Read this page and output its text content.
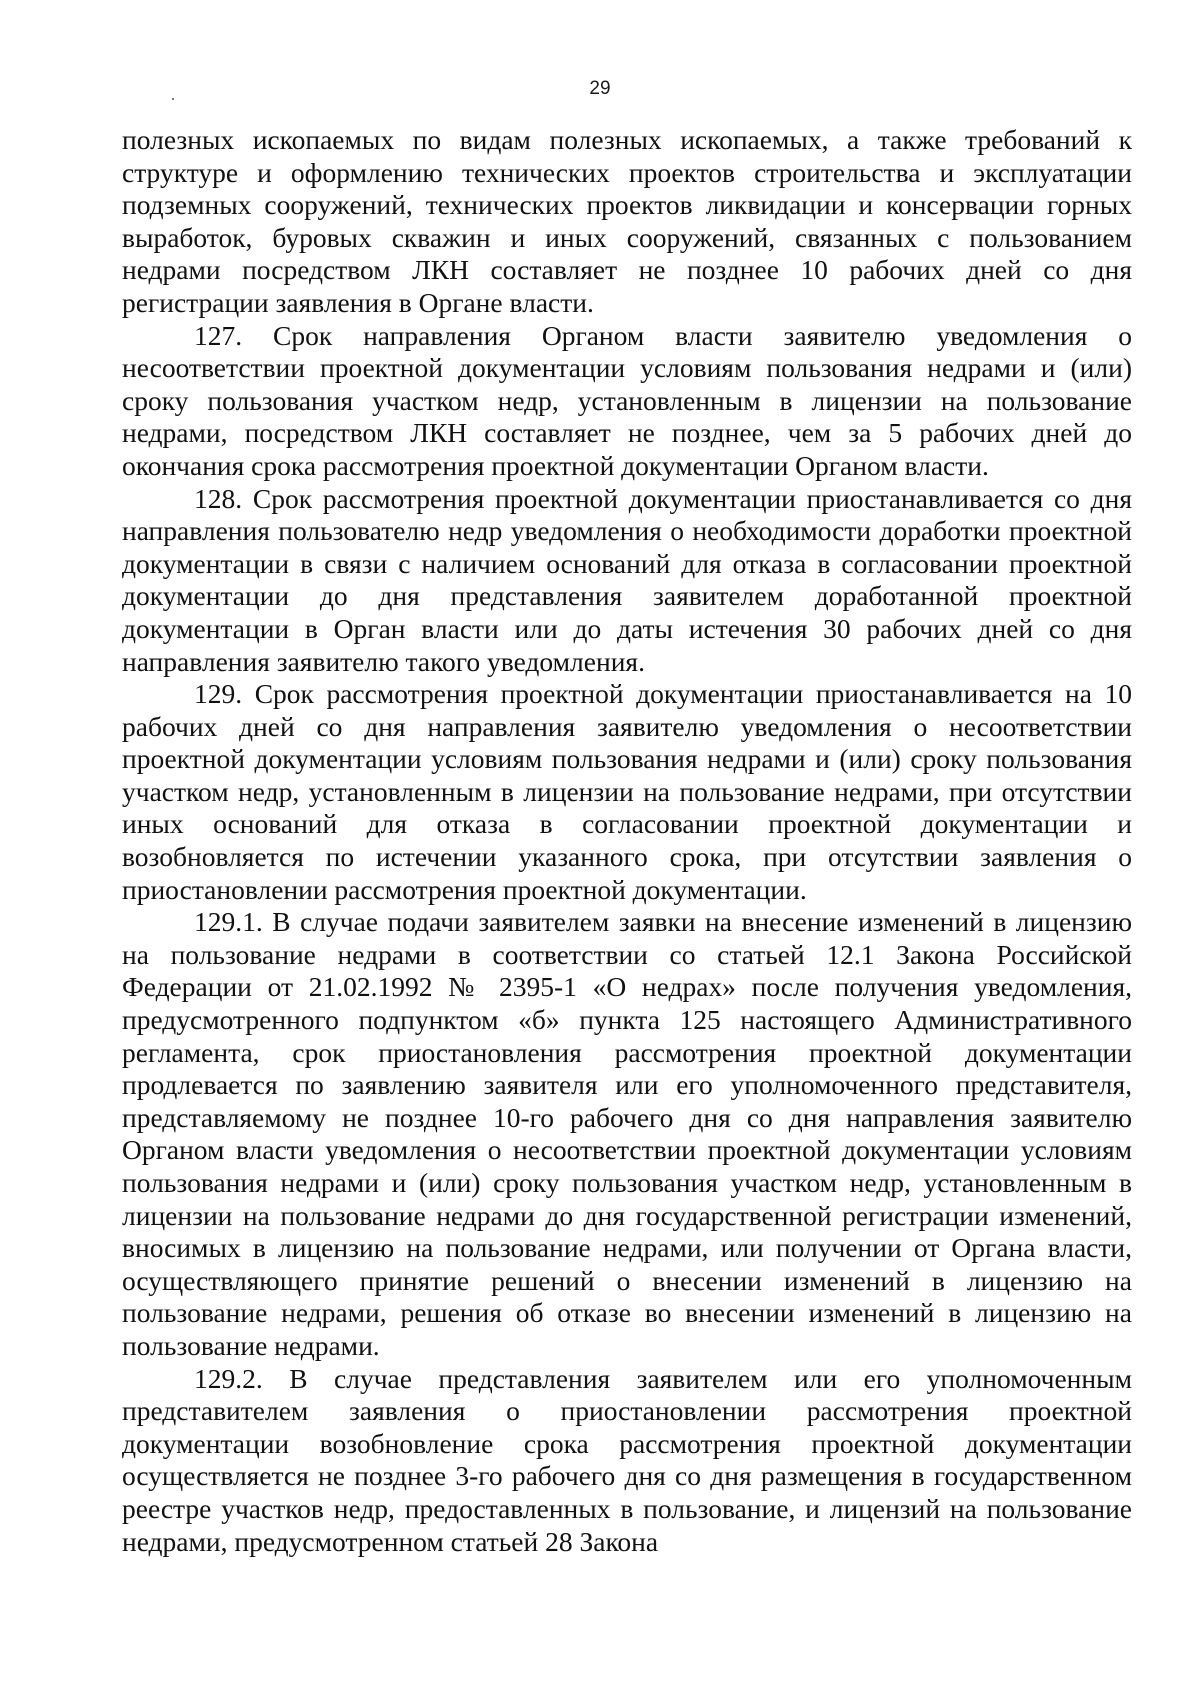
29

полезных ископаемых по видам полезных ископаемых, а также требований к структуре и оформлению технических проектов строительства и эксплуатации подземных сооружений, технических проектов ликвидации и консервации горных выработок, буровых скважин и иных сооружений, связанных с пользованием недрами посредством ЛКН составляет не позднее 10 рабочих дней со дня регистрации заявления в Органе власти.

127. Срок направления Органом власти заявителю уведомления о несоответствии проектной документации условиям пользования недрами и (или) сроку пользования участком недр, установленным в лицензии на пользование недрами, посредством ЛКН составляет не позднее, чем за 5 рабочих дней до окончания срока рассмотрения проектной документации Органом власти.

128. Срок рассмотрения проектной документации приостанавливается со дня направления пользователю недр уведомления о необходимости доработки проектной документации в связи с наличием оснований для отказа в согласовании проектной документации до дня представления заявителем доработанной проектной документации в Орган власти или до даты истечения 30 рабочих дней со дня направления заявителю такого уведомления.

129. Срок рассмотрения проектной документации приостанавливается на 10 рабочих дней со дня направления заявителю уведомления о несоответствии проектной документации условиям пользования недрами и (или) сроку пользования участком недр, установленным в лицензии на пользование недрами, при отсутствии иных оснований для отказа в согласовании проектной документации и возобновляется по истечении указанного срока, при отсутствии заявления о приостановлении рассмотрения проектной документации.

129.1. В случае подачи заявителем заявки на внесение изменений в лицензию на пользование недрами в соответствии со статьей 12.1 Закона Российской Федерации от 21.02.1992 № 2395-1 «О недрах» после получения уведомления, предусмотренного подпунктом «б» пункта 125 настоящего Административного регламента, срок приостановления рассмотрения проектной документации продлевается по заявлению заявителя или его уполномоченного представителя, представляемому не позднее 10-го рабочего дня со дня направления заявителю Органом власти уведомления о несоответствии проектной документации условиям пользования недрами и (или) сроку пользования участком недр, установленным в лицензии на пользование недрами до дня государственной регистрации изменений, вносимых в лицензию на пользование недрами, или получении от Органа власти, осуществляющего принятие решений о внесении изменений в лицензию на пользование недрами, решения об отказе во внесении изменений в лицензию на пользование недрами.

129.2. В случае представления заявителем или его уполномоченным представителем заявления о приостановлении рассмотрения проектной документации возобновление срока рассмотрения проектной документации осуществляется не позднее 3-го рабочего дня со дня размещения в государственном реестре участков недр, предоставленных в пользование, и лицензий на пользование недрами, предусмотренном статьей 28 Закона
